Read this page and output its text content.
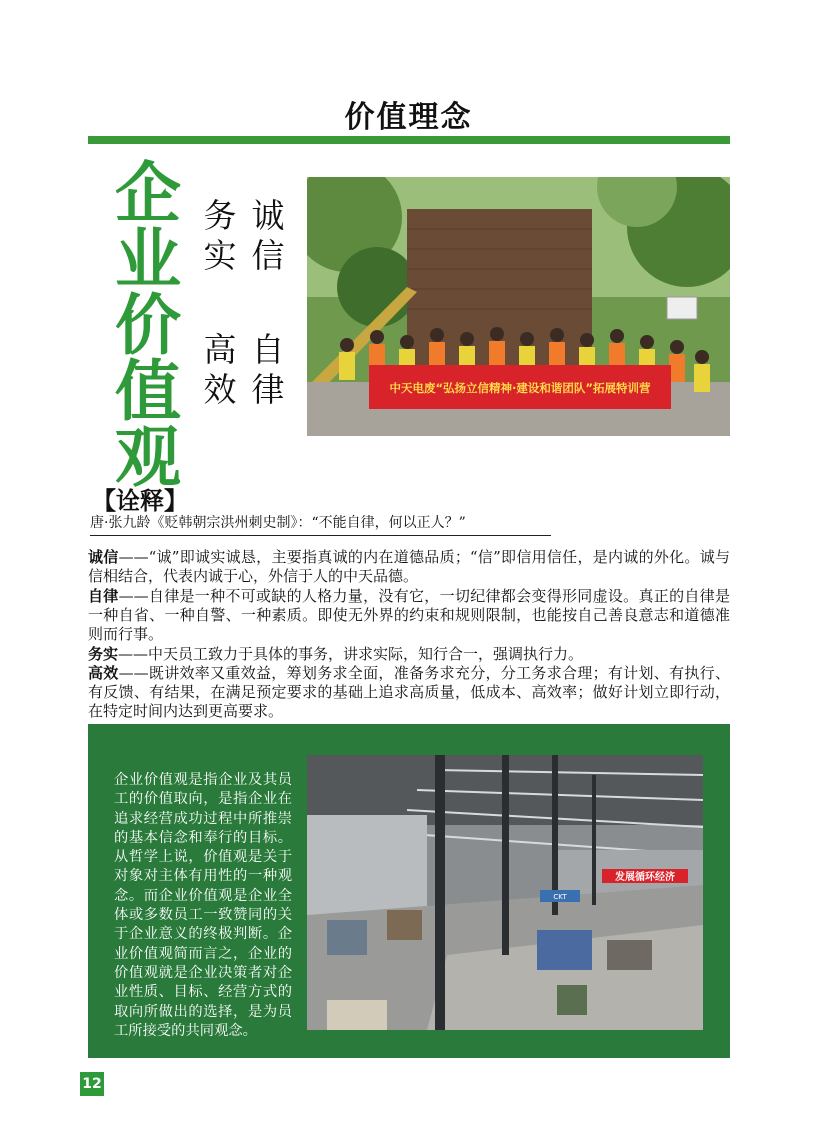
价值理念
企
业
价
值
观
务
实
诚
信
高
效
自
律	中天电废“弘扬立信精神·建设和谐团队”拓展特训营
【诠释】
唐·张九龄《贬韩朝宗洪州刺史制》：“不能自律，何以正人？”
诚信——“诚”即诚实诚恳，主要指真诚的内在道德品质；“信”即信用信任，是内诚的外化。诚与信相结合，代表内诚于心，外信于人的中天品德。
自律——自律是一种不可或缺的人格力量，没有它，一切纪律都会变得形同虚设。真正的自律是一种自省、一种自警、一种素质。即使无外界的约束和规则限制，也能按自己善良意志和道德准则而行事。
务实——中天员工致力于具体的事务，讲求实际，知行合一，强调执行力。
高效——既讲效率又重效益，筹划务求全面，准备务求充分，分工务求合理；有计划、有执行、有反馈、有结果，在满足预定要求的基础上追求高质量，低成本、高效率；做好计划立即行动，在特定时间内达到更高要求。
企业价值观是指企业及其员工的价值取向，是指企业在追求经营成功过程中所推崇的基本信念和奉行的目标。从哲学上说，价值观是关于对象对主体有用性的一种观念。而企业价值观是企业全体或多数员工一致赞同的关于企业意义的终极判断。企业价值观简而言之，企业的价值观就是企业决策者对企业性质、目标、经营方式的取向所做出的选择，是为员工所接受的共同观念。
发展循环经济
CKT
12
